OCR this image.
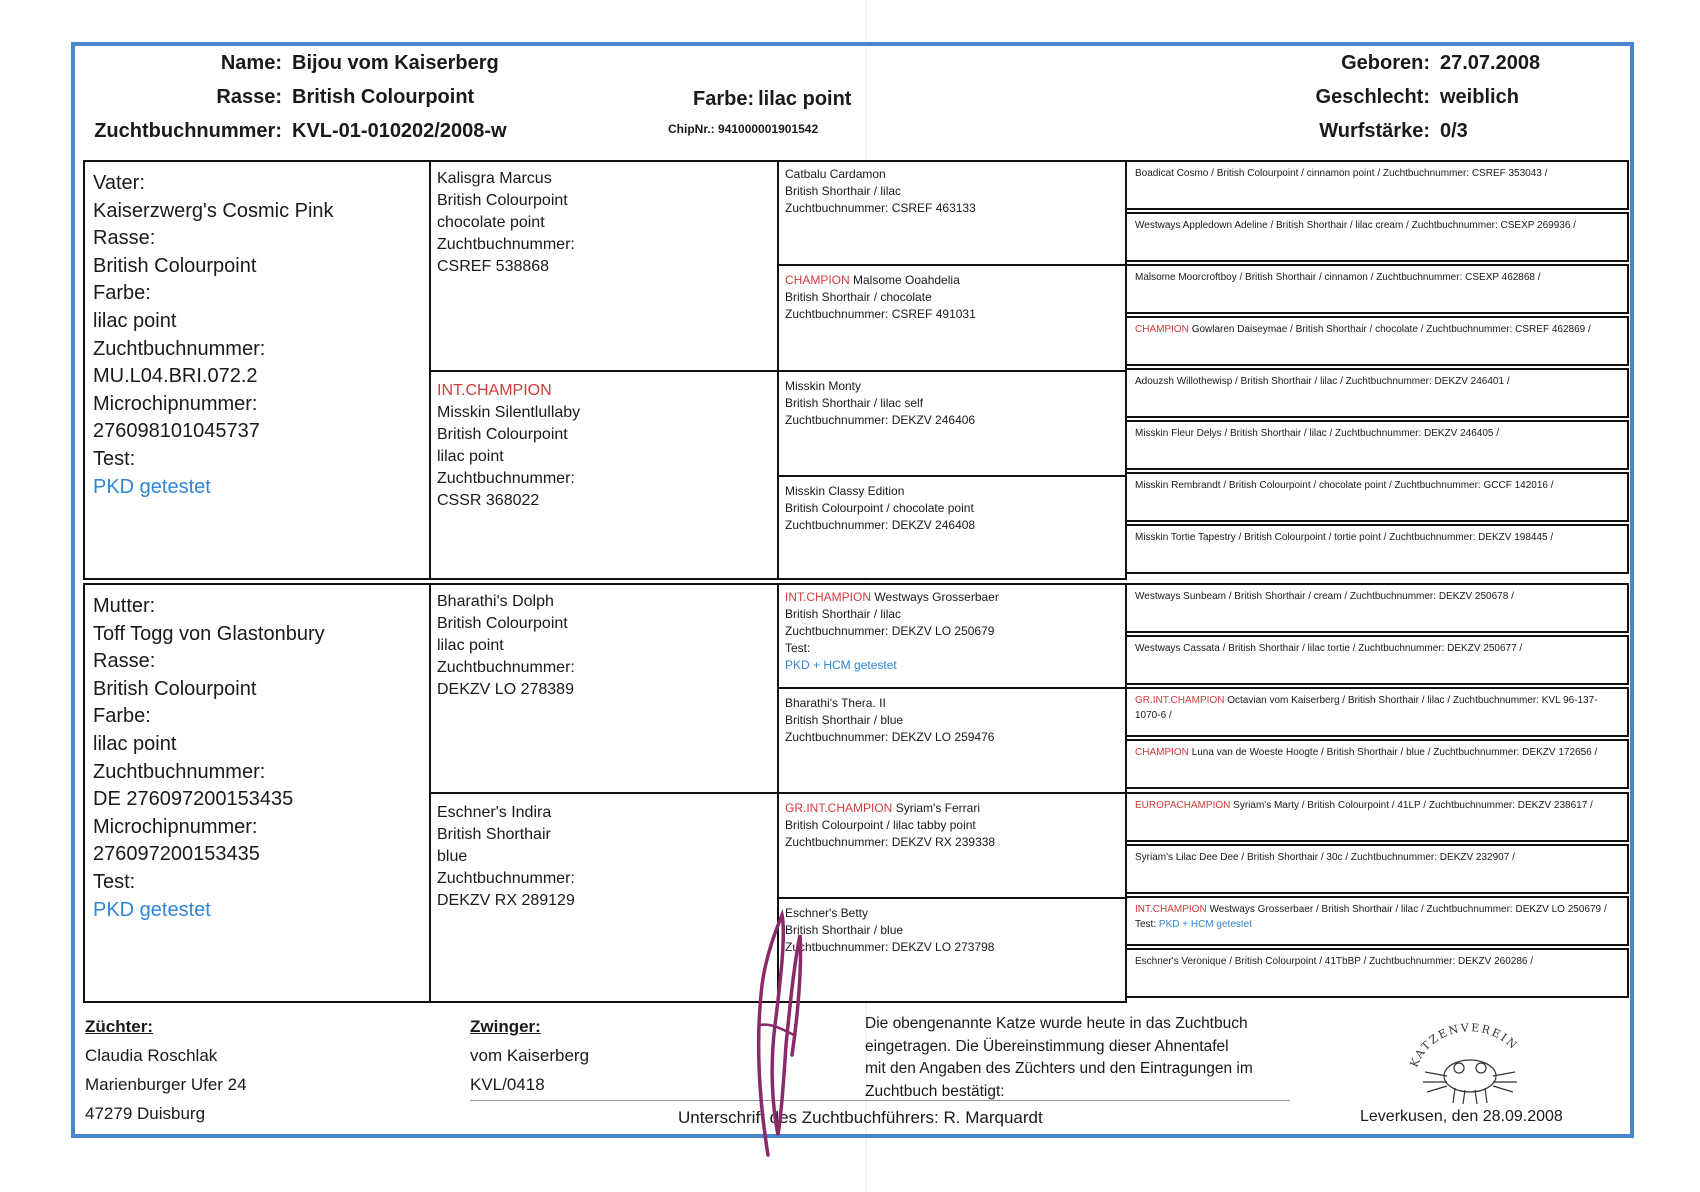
Name: Bijou vom Kaiserberg
Rasse: British Colourpoint
Zuchtbuchnummer: KVL-01-010202/2008-w
Farbe: lilac point
ChipNr.: 941000001901542
Geboren: 27.07.2008
Geschlecht: weiblich
Wurfstärke: 0/3
Vater:
Kaiserzwerg's Cosmic Pink
Rasse:
British Colourpoint
Farbe:
lilac point
Zuchtbuchnummer:
MU.L04.BRI.072.2
Microchipnummer:
276098101045737
Test:
PKD getestet
Mutter:
Toff Togg von Glastonbury
Rasse:
British Colourpoint
Farbe:
lilac point
Zuchtbuchnummer:
DE 276097200153435
Microchipnummer:
276097200153435
Test:
PKD getestet
Kalisgra Marcus
British Colourpoint
chocolate point
Zuchtbuchnummer:
CSREF 538868
INT.CHAMPION
Misskin Silentlullaby
British Colourpoint
lilac point
Zuchtbuchnummer:
CSSR 368022
Bharathi's Dolph
British Colourpoint
lilac point
Zuchtbuchnummer:
DEKZV LO 278389
Eschner's Indira
British Shorthair
blue
Zuchtbuchnummer:
DEKZV RX 289129
Catbalu Cardamon
British Shorthair / lilac
Zuchtbuchnummer: CSREF 463133
CHAMPION Malsome Ooahdelia
British Shorthair / chocolate
Zuchtbuchnummer: CSREF 491031
Misskin Monty
British Shorthair / lilac self
Zuchtbuchnummer: DEKZV 246406
Misskin Classy Edition
British Colourpoint / chocolate point
Zuchtbuchnummer: DEKZV 246408
INT.CHAMPION Westways Grosserbaer
British Shorthair / lilac
Zuchtbuchnummer: DEKZV LO 250679
Test:
PKD + HCM getestet
Bharathi's Thera. II
British Shorthair / blue
Zuchtbuchnummer: DEKZV LO 259476
GR.INT.CHAMPION Syriam's Ferrari
British Colourpoint / lilac tabby point
Zuchtbuchnummer: DEKZV RX 239338
Eschner's Betty
British Shorthair / blue
Zuchtbuchnummer: DEKZV LO 273798
Boadicat Cosmo / British Colourpoint / cinnamon point / Zuchtbuchnummer: CSREF 353043 /
Westways Appledown Adeline / British Shorthair / lilac cream / Zuchtbuchnummer: CSEXP 269936 /
Malsome Moorcroftboy / British Shorthair / cinnamon / Zuchtbuchnummer: CSEXP 462868 /
CHAMPION Gowlaren Daiseymae / British Shorthair / chocolate / Zuchtbuchnummer: CSREF 462869 /
Adouzsh Willothewisp / British Shorthair / lilac / Zuchtbuchnummer: DEKZV 246401 /
Misskin Fleur Delys / British Shorthair / lilac / Zuchtbuchnummer: DEKZV 246405 /
Misskin Rembrandt / British Colourpoint / chocolate point / Zuchtbuchnummer: GCCF 142016 /
Misskin Tortie Tapestry / British Colourpoint / tortie point / Zuchtbuchnummer: DEKZV 198445 /
Westways Sunbeam / British Shorthair / cream / Zuchtbuchnummer: DEKZV 250678 /
Westways Cassata / British Shorthair / lilac tortie / Zuchtbuchnummer: DEKZV 250677 /
GR.INT.CHAMPION Octavian vom Kaiserberg / British Shorthair / lilac / Zuchtbuchnummer: KVL 96-137-1070-6 /
CHAMPION Luna van de Woeste Hoogte / British Shorthair / blue / Zuchtbuchnummer: DEKZV 172656 /
EUROPACHAMPION Syriam's Marty / British Colourpoint / 41LP / Zuchtbuchnummer: DEKZV 238617 /
Syriam's Lilac Dee Dee / British Shorthair / 30c / Zuchtbuchnummer: DEKZV 232907 /
INT.CHAMPION Westways Grosserbaer / British Shorthair / lilac / Zuchtbuchnummer: DEKZV LO 250679 / Test: PKD + HCM getestet
Eschner's Veronique / British Colourpoint / 41TbBP / Zuchtbuchnummer: DEKZV 260286 /
Züchter:
Claudia Roschlak
Marienburger Ufer 24
47279 Duisburg
Zwinger:
vom Kaiserberg
KVL/0418
Die obengenannte Katze wurde heute in das Zuchtbuch
eingetragen. Die Übereinstimmung dieser Ahnentafel
mit den Angaben des Züchters und den Eintragungen im
Zuchtbuch bestätigt:
Unterschrift des Zuchtbuchführers: R. Marquardt	Leverkusen, den 28.09.2008
KATZENVEREIN
